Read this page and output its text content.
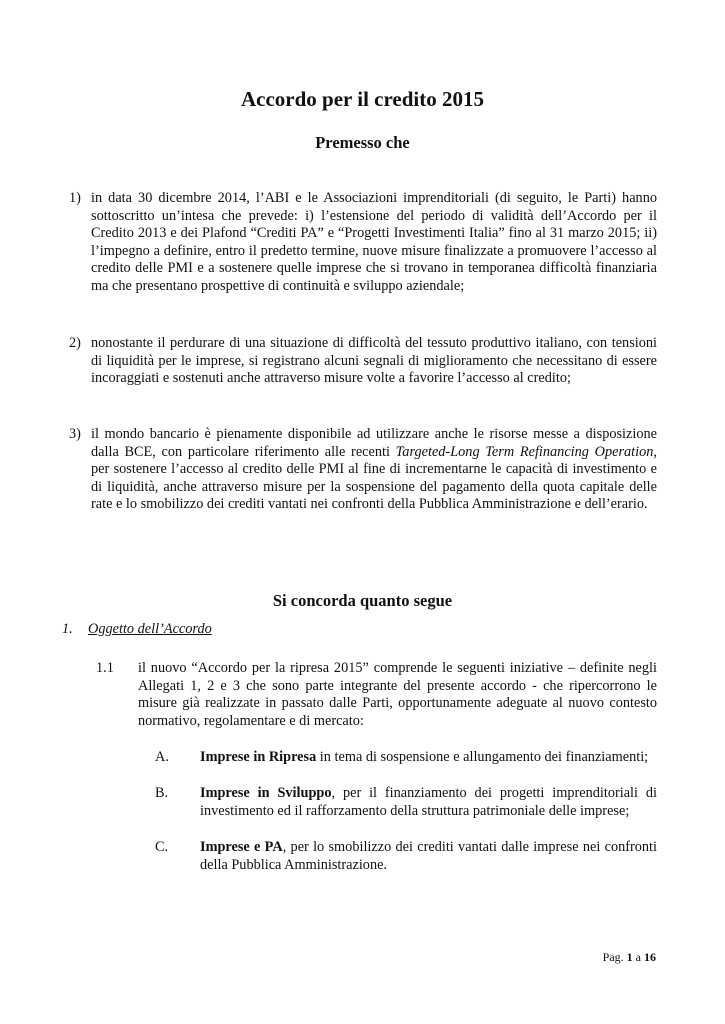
Accordo per il credito 2015
Premesso che
1) in data 30 dicembre 2014, l’ABI e le Associazioni imprenditoriali (di seguito, le Parti) hanno sottoscritto un’intesa che prevede: i) l’estensione del periodo di validità dell’Accordo per il Credito 2013 e dei Plafond “Crediti PA” e “Progetti Investimenti Italia” fino al 31 marzo 2015; ii) l’impegno a definire, entro il predetto termine, nuove misure finalizzate a promuovere l’accesso al credito delle PMI e a sostenere quelle imprese che si trovano in temporanea difficoltà finanziaria ma che presentano prospettive di continuità e sviluppo aziendale;
2) nonostante il perdurare di una situazione di difficoltà del tessuto produttivo italiano, con tensioni di liquidità per le imprese, si registrano alcuni segnali di miglioramento che necessitano di essere incoraggiati e sostenuti anche attraverso misure volte a favorire l’accesso al credito;
3) il mondo bancario è pienamente disponibile ad utilizzare anche le risorse messe a disposizione dalla BCE, con particolare riferimento alle recenti Targeted-Long Term Refinancing Operation, per sostenere l’accesso al credito delle PMI al fine di incrementarne le capacità di investimento e di liquidità, anche attraverso misure per la sospensione del pagamento della quota capitale delle rate e lo smobilizzo dei crediti vantati nei confronti della Pubblica Amministrazione e dell’erario.
Si concorda quanto segue
1. Oggetto dell’Accordo
1.1 il nuovo “Accordo per la ripresa 2015” comprende le seguenti iniziative – definite negli Allegati 1, 2 e 3 che sono parte integrante del presente accordo - che ripercorrono le misure già realizzate in passato dalle Parti, opportunamente adeguate al nuovo contesto normativo, regolamentare e di mercato:
A. Imprese in Ripresa in tema di sospensione e allungamento dei finanziamenti;
B. Imprese in Sviluppo, per il finanziamento dei progetti imprenditoriali di investimento ed il rafforzamento della struttura patrimoniale delle imprese;
C. Imprese e PA, per lo smobilizzo dei crediti vantati dalle imprese nei confronti della Pubblica Amministrazione.
Pag. 1 a 16
